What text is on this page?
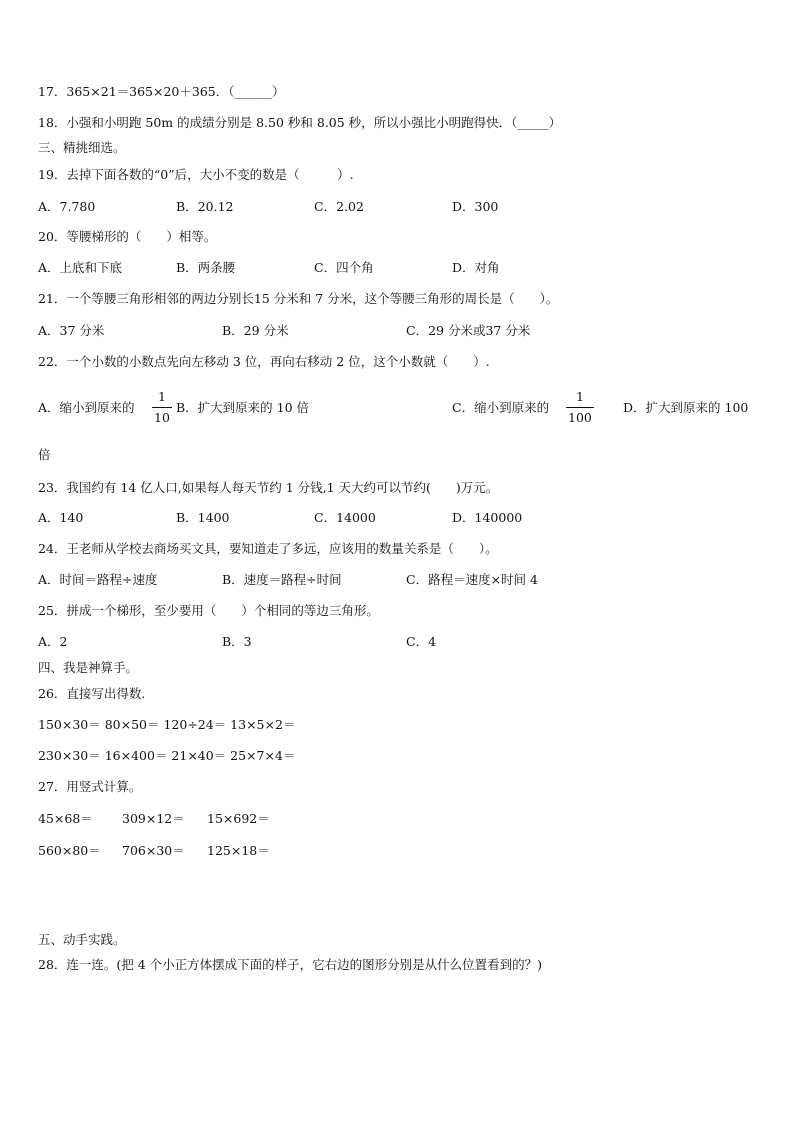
17．365×21＝365×20＋365．（______）
18．小强和小明跑 50m 的成绩分别是 8.50 秒和 8.05 秒，所以小强比小明跑得快．（_____）
三、精挑细选。
19．去掉下面各数的“0”后，大小不变的数是（　　　）.
A．7.780	B．20.12	C．2.02	D．300
20．等腰梯形的（　　）相等。
A．上底和下底	B．两条腰	C．四个角	D．对角
21．一个等腰三角形相邻的两边分别长15 分米和 7 分米，这个等腰三角形的周长是（　　）。
A．37 分米	B．29 分米	C．29 分米或37 分米
22．一个小数的小数点先向左移动 3 位，再向右移动 2 位，这个小数就（　　）.
A．缩小到原来的
1
10
B．扩大到原来的 10 倍	C．缩小到原来的
1
100
D．扩大到原来的 100
倍
23．我国约有 14 亿人口,如果每人每天节约 1 分钱,1 天大约可以节约(　　)万元。
A．140	B．1400	C．14000	D．140000
24．王老师从学校去商场买文具，要知道走了多远，应该用的数量关系是（　　）。
A．时间＝路程÷速度	B．速度＝路程÷时间	C．路程＝速度×时间 4
25．拼成一个梯形，至少要用（　　）个相同的等边三角形。
A．2	B．3	C．4
四、我是神算手。
26．直接写出得数.
150×30＝ 80×50＝ 120÷24＝ 13×5×2＝
230×30＝ 16×400＝ 21×40＝ 25×7×4＝
27．用竖式计算。
45×68＝ 309×12＝ 15×692＝
560×80＝ 706×30＝ 125×18＝
五、动手实践。
28．连一连。(把 4 个小正方体摆成下面的样子，它右边的图形分别是从什么位置看到的？)
